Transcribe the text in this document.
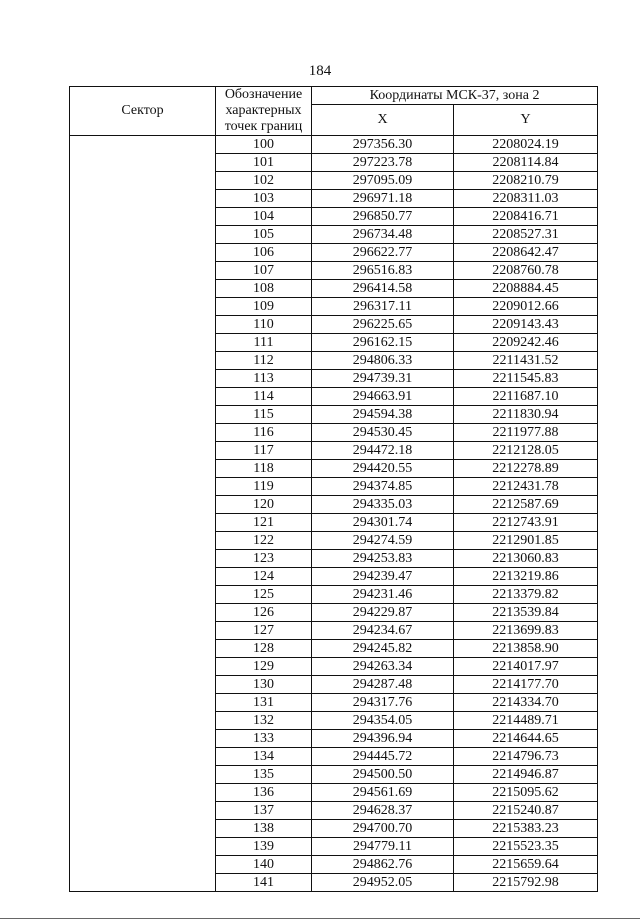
184
Сектор	Обозначение характерных точек границ	Координаты МСК-37, зона 2	
		X	Y
	100	297356.30	2208024.19
	101	297223.78	2208114.84
	102	297095.09	2208210.79
	103	296971.18	2208311.03
	104	296850.77	2208416.71
	105	296734.48	2208527.31
	106	296622.77	2208642.47
	107	296516.83	2208760.78
	108	296414.58	2208884.45
	109	296317.11	2209012.66
	110	296225.65	2209143.43
	111	296162.15	2209242.46
	112	294806.33	2211431.52
	113	294739.31	2211545.83
	114	294663.91	2211687.10
	115	294594.38	2211830.94
	116	294530.45	2211977.88
	117	294472.18	2212128.05
	118	294420.55	2212278.89
	119	294374.85	2212431.78
	120	294335.03	2212587.69
	121	294301.74	2212743.91
	122	294274.59	2212901.85
	123	294253.83	2213060.83
	124	294239.47	2213219.86
	125	294231.46	2213379.82
	126	294229.87	2213539.84
	127	294234.67	2213699.83
	128	294245.82	2213858.90
	129	294263.34	2214017.97
	130	294287.48	2214177.70
	131	294317.76	2214334.70
	132	294354.05	2214489.71
	133	294396.94	2214644.65
	134	294445.72	2214796.73
	135	294500.50	2214946.87
	136	294561.69	2215095.62
	137	294628.37	2215240.87
	138	294700.70	2215383.23
	139	294779.11	2215523.35
	140	294862.76	2215659.64
	141	294952.05	2215792.98
